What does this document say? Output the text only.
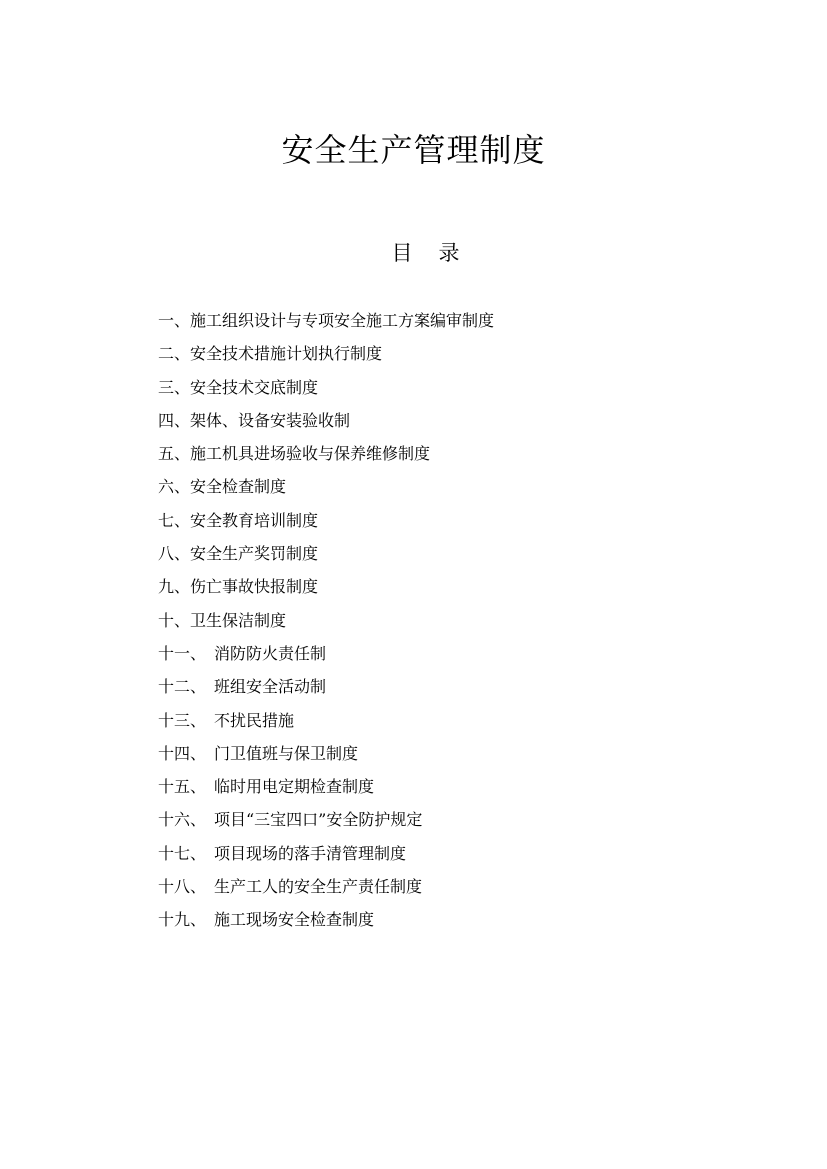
安全生产管理制度
目 录
一、施工组织设计与专项安全施工方案编审制度
二、安全技术措施计划执行制度
三、安全技术交底制度
四、架体、设备安装验收制
五、施工机具进场验收与保养维修制度
六、安全检查制度
七、安全教育培训制度
八、安全生产奖罚制度
九、伤亡事故快报制度
十、卫生保洁制度
十一、 消防防火责任制
十二、 班组安全活动制
十三、 不扰民措施
十四、 门卫值班与保卫制度
十五、 临时用电定期检查制度
十六、 项目“三宝四口”安全防护规定
十七、 项目现场的落手清管理制度
十八、 生产工人的安全生产责任制度
十九、 施工现场安全检查制度
